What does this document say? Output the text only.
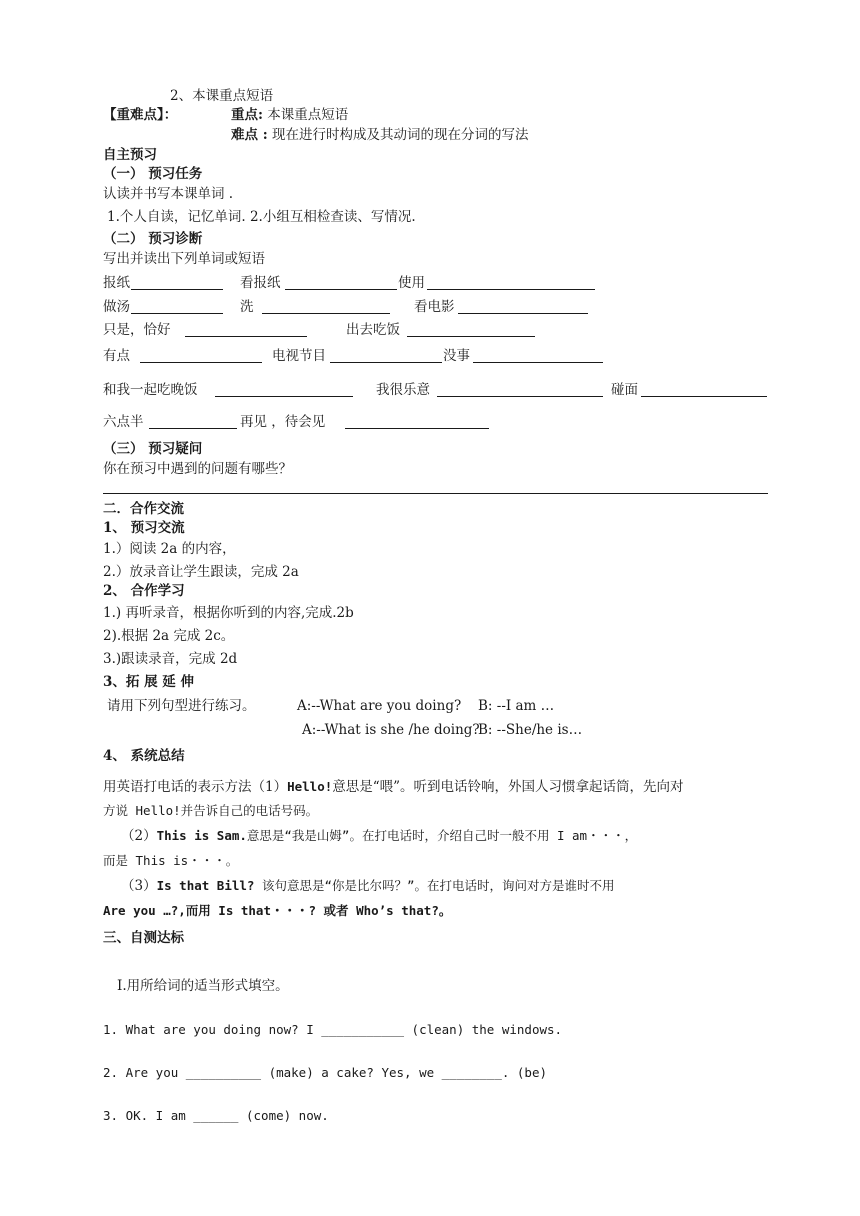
2、本课重点短语
【重难点】：	重点: 本课重点短语
难点 : 现在进行时构成及其动词的现在分词的写法
自主预习
（一） 预习任务
认读并书写本课单词 .
1.个人自读，记忆单词. 2.小组互相检查读、写情况.
（二） 预习诊断
写出并读出下列单词或短语
报纸	看报纸	使用
做汤	洗	看电影
只是，恰好	出去吃饭
有点	电视节目	没事
和我一起吃晚饭	我很乐意	碰面
六点半	再见 ，待会见
（三） 预习疑问
你在预习中遇到的问题有哪些？
二．合作交流
1、 预习交流
1.）阅读 2a 的内容，
2.）放录音让学生跟读，完成 2a
2、 合作学习
1.) 再听录音，根据你听到的内容,完成.2b
2).根据 2a 完成 2c。
3.)跟读录音，完成 2d
3、拓 展 延 伸
请用下列句型进行练习。	A:--What are you doing? B: --I am …
A:--What is she /he doing?
B: --She/he is…
4、 系统总结
用英语打电话的表示方法（1）Hello!意思是“喂”。听到电话铃响，外国人习惯拿起话筒，先向对
方说 Hello!并告诉自己的电话号码。
（2）This is Sam.意思是“我是山姆”。在打电话时，介绍自己时一般不用 I am・・・，
而是 This is・・・。
（3）Is that Bill? 该句意思是“你是比尔吗？”。在打电话时，询问对方是谁时不用
Are you …?,而用 Is that・・・? 或者 Who’s that?。
三、自测达标
I.用所给词的适当形式填空。
1. What are you doing now? I ___________ (clean) the windows.
2. Are you __________ (make) a cake? Yes, we ________. (be)
3. OK. I am ______ (come) now.
